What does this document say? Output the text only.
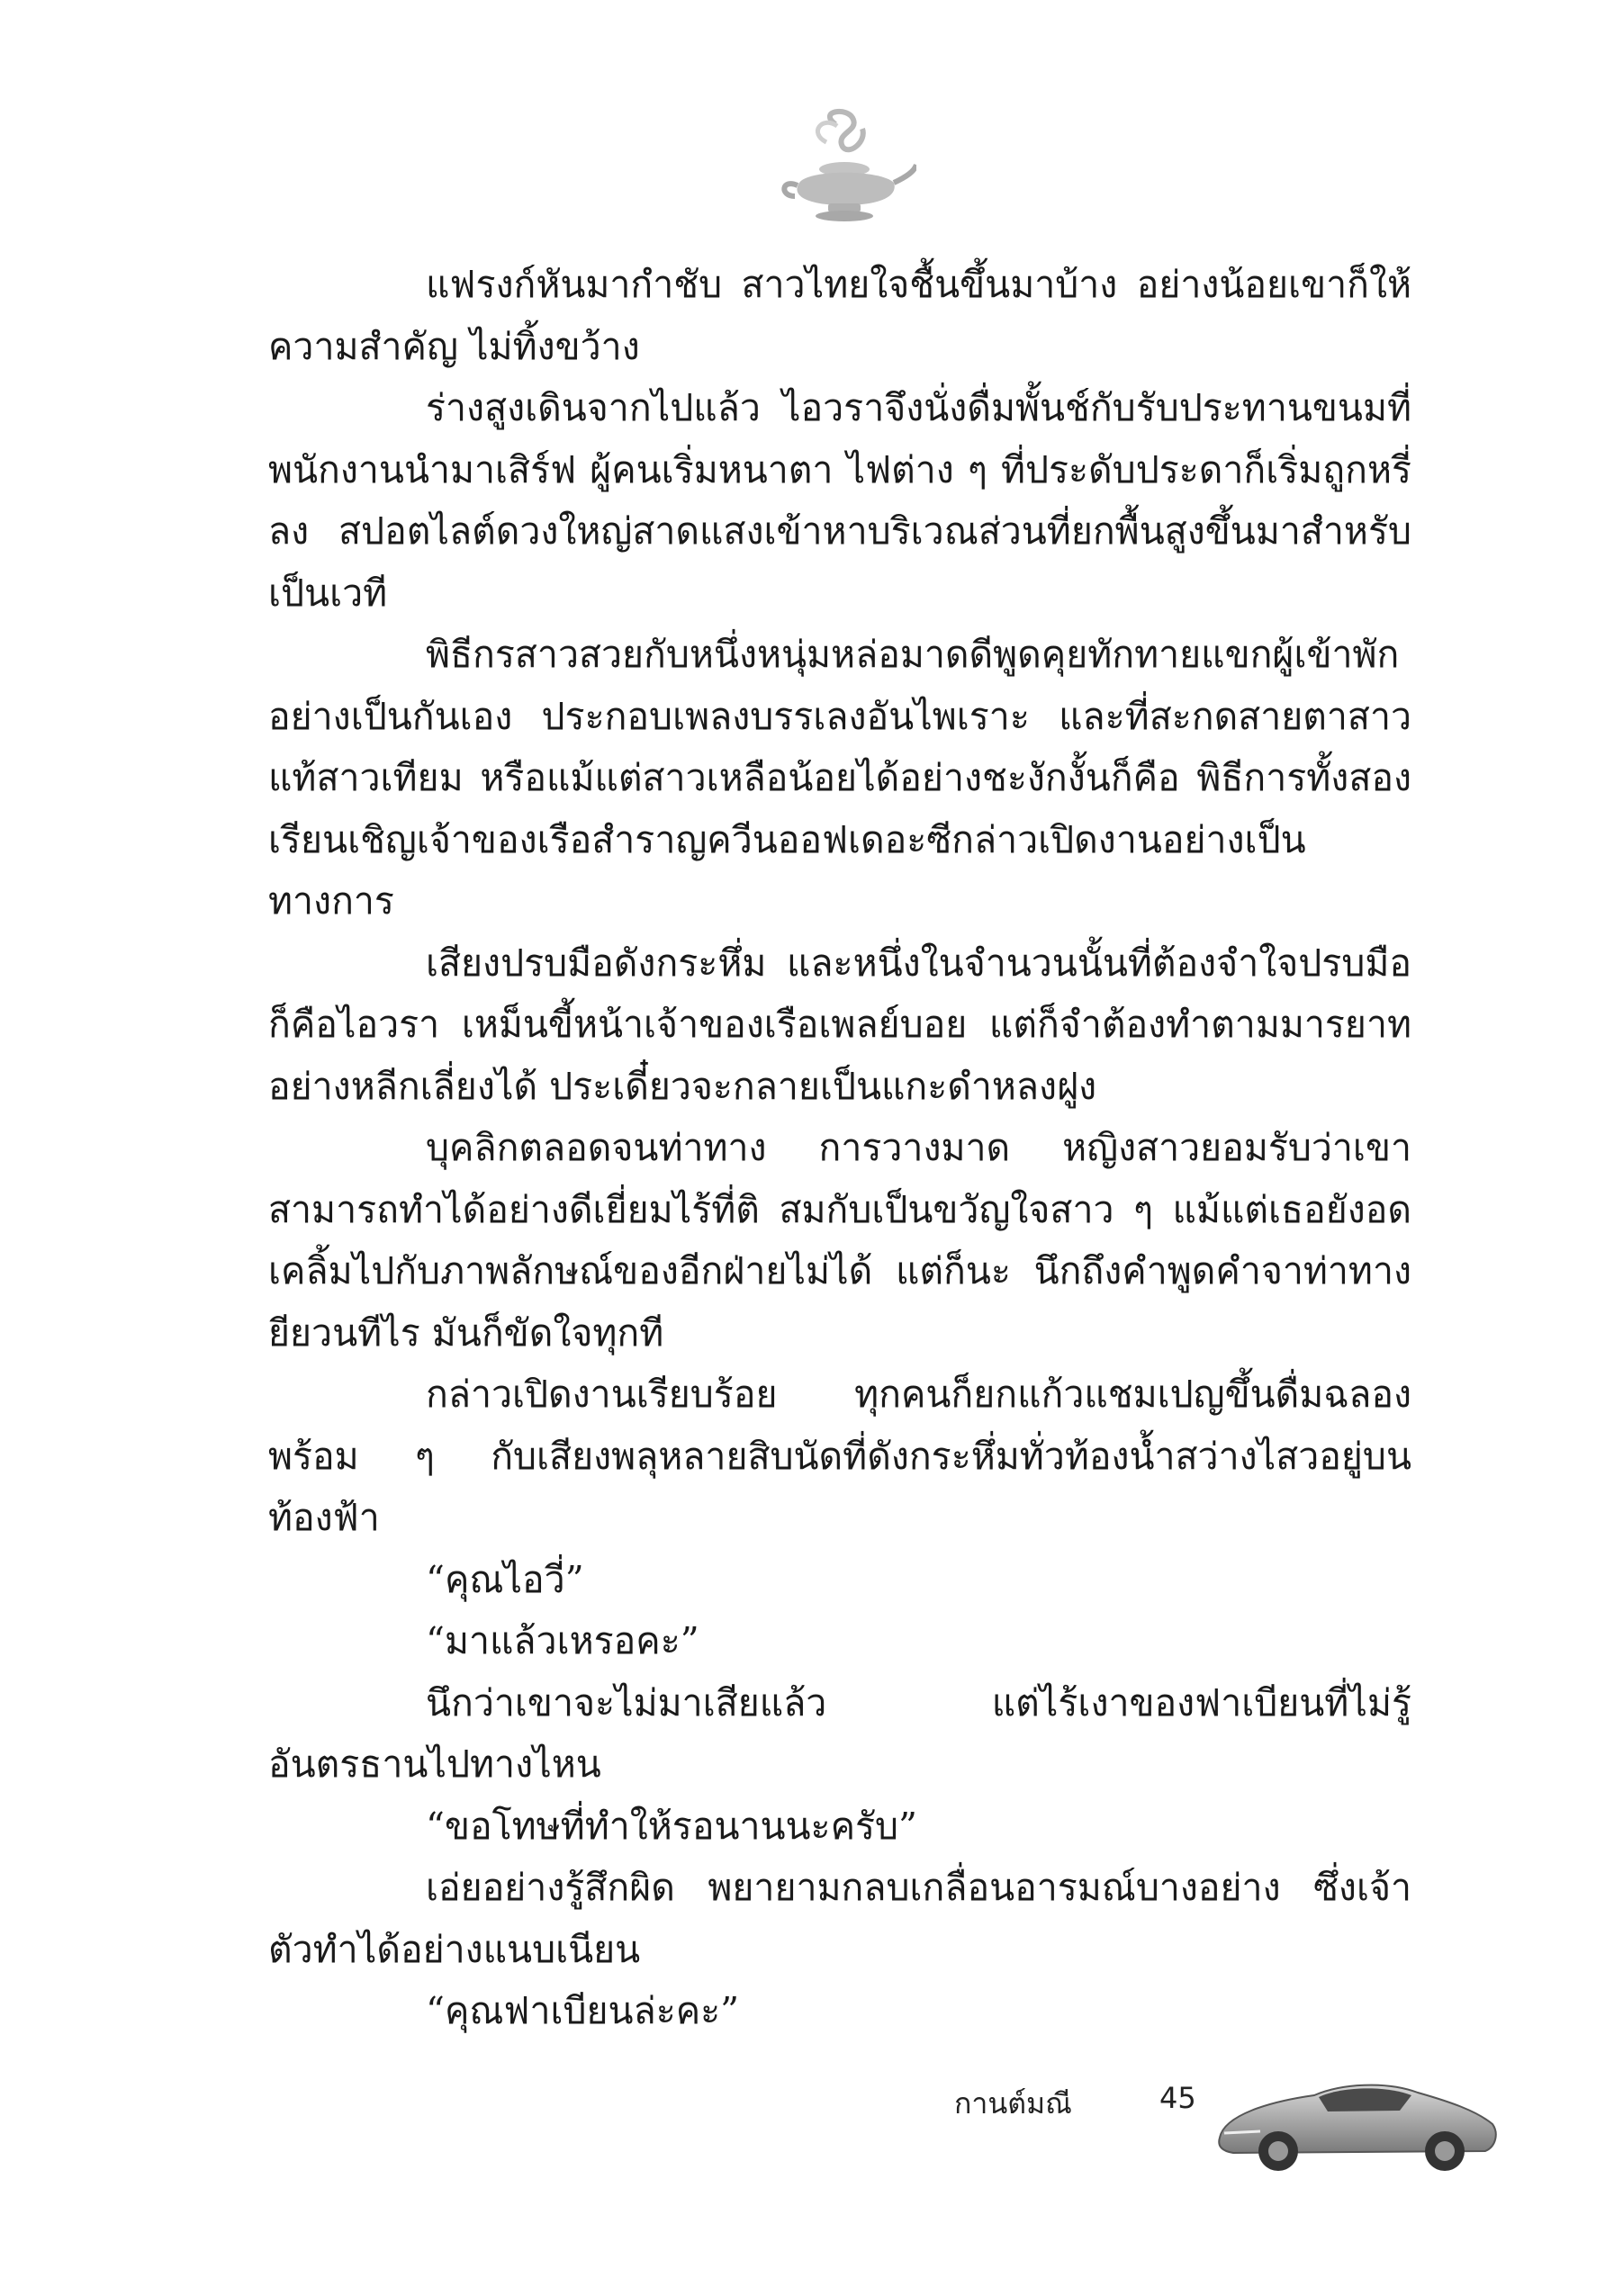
แฟรงก์หันมากำชับ สาวไทยใจชื้นขึ้นมาบ้าง อย่างน้อยเขาก็ให้ความสำคัญ ไม่ทิ้งขว้าง

ร่างสูงเดินจากไปแล้ว ไอวราจึงนั่งดื่มพั้นช์กับรับประทานขนมที่พนักงานนำมาเสิร์ฟ ผู้คนเริ่มหนาตา ไฟต่าง ๆ ที่ประดับประดาก็เริ่มถูกหรี่ลง สปอตไลต์ดวงใหญ่สาดแสงเข้าหาบริเวณส่วนที่ยกพื้นสูงขึ้นมาสำหรับเป็นเวที

พิธีกรสาวสวยกับหนึ่งหนุ่มหล่อมาดดีพูดคุยทักทายแขกผู้เข้าพักอย่างเป็นกันเอง ประกอบเพลงบรรเลงอันไพเราะ และที่สะกดสายตาสาวแท้สาวเทียม หรือแม้แต่สาวเหลือน้อยได้อย่างชะงักงั้นก็คือ พิธีการทั้งสองเรียนเชิญเจ้าของเรือสำราญควีนออฟเดอะซีกล่าวเปิดงานอย่างเป็นทางการ

เสียงปรบมือดังกระหึ่ม และหนึ่งในจำนวนนั้นที่ต้องจำใจปรบมือก็คือไอวรา เหม็นขี้หน้าเจ้าของเรือเพลย์บอย แต่ก็จำต้องทำตามมารยาทอย่างหลีกเลี่ยงได้ ประเดี๋ยวจะกลายเป็นแกะดำหลงฝูง

บุคลิกตลอดจนท่าทาง การวางมาด หญิงสาวยอมรับว่าเขาสามารถทำได้อย่างดีเยี่ยมไร้ที่ติ สมกับเป็นขวัญใจสาว ๆ แม้แต่เธอยังอดเคลิ้มไปกับภาพลักษณ์ของอีกฝ่ายไม่ได้ แต่ก็นะ นึกถึงคำพูดคำจาท่าทางยียวนทีไร มันก็ขัดใจทุกที

กล่าวเปิดงานเรียบร้อย ทุกคนก็ยกแก้วแชมเปญขึ้นดื่มฉลองพร้อม ๆ กับเสียงพลุหลายสิบนัดที่ดังกระหึ่มทั่วท้องน้ำสว่างไสวอยู่บนท้องฟ้า

“คุณไอวี่”

“มาแล้วเหรอคะ”

นึกว่าเขาจะไม่มาเสียแล้ว แต่ไร้เงาของฟาเบียนที่ไม่รู้อันตรธานไปทางไหน

“ขอโทษที่ทำให้รอนานนะครับ”

เอ่ยอย่างรู้สึกผิด พยายามกลบเกลื่อนอารมณ์บางอย่าง ซึ่งเจ้าตัวทำได้อย่างแนบเนียน

“คุณฟาเบียนล่ะคะ”

กานต์มณี	45
